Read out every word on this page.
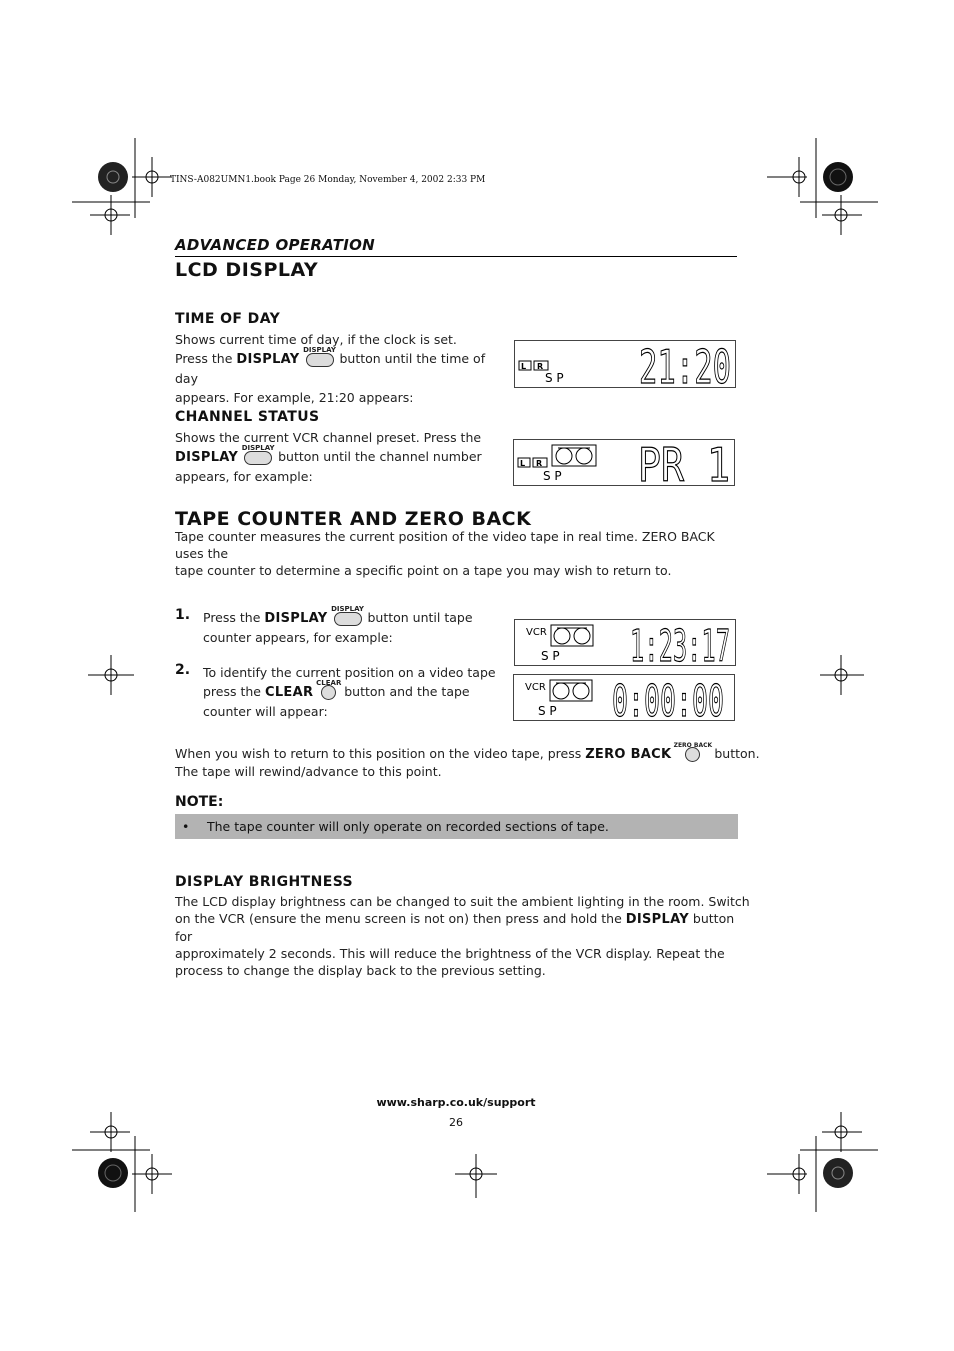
TINS-A082UMN1.book Page 26 Monday, November 4, 2002 2:33 PM
ADVANCED OPERATION
LCD DISPLAY
TIME OF DAY
Shows current time of day, if the clock is set.
Press the DISPLAY
DISPLAY
button until the time of day
appears. For example, 21:20 appears:
L R
S P 21:20
CHANNEL STATUS
Shows the current VCR channel preset. Press the
DISPLAY
DISPLAY
button until the channel number
appears, for example:
L R
S P PR 1
TAPE COUNTER AND ZERO BACK
Tape counter measures the current position of the video tape in real time. ZERO BACK uses the
tape counter to determine a specific point on a tape you may wish to return to.
1. Press the DISPLAY
DISPLAY
button until tape
counter appears, for example:	VCR
S P 1:23:17
2. To identify the current position on a video tape
press the CLEAR
CLEAR
button and the tape
counter will appear:
VCR
S P 0:00:00
When you wish to return to this position on the video tape, press ZERO BACK
ZERO BACK
button.
The tape will rewind/advance to this point.
NOTE:
• The tape counter will only operate on recorded sections of tape.
DISPLAY BRIGHTNESS
The LCD display brightness can be changed to suit the ambient lighting in the room. Switch
on the VCR (ensure the menu screen is not on) then press and hold the DISPLAY button for
approximately 2 seconds. This will reduce the brightness of the VCR display. Repeat the
process to change the display back to the previous setting.
www.sharp.co.uk/support
26
